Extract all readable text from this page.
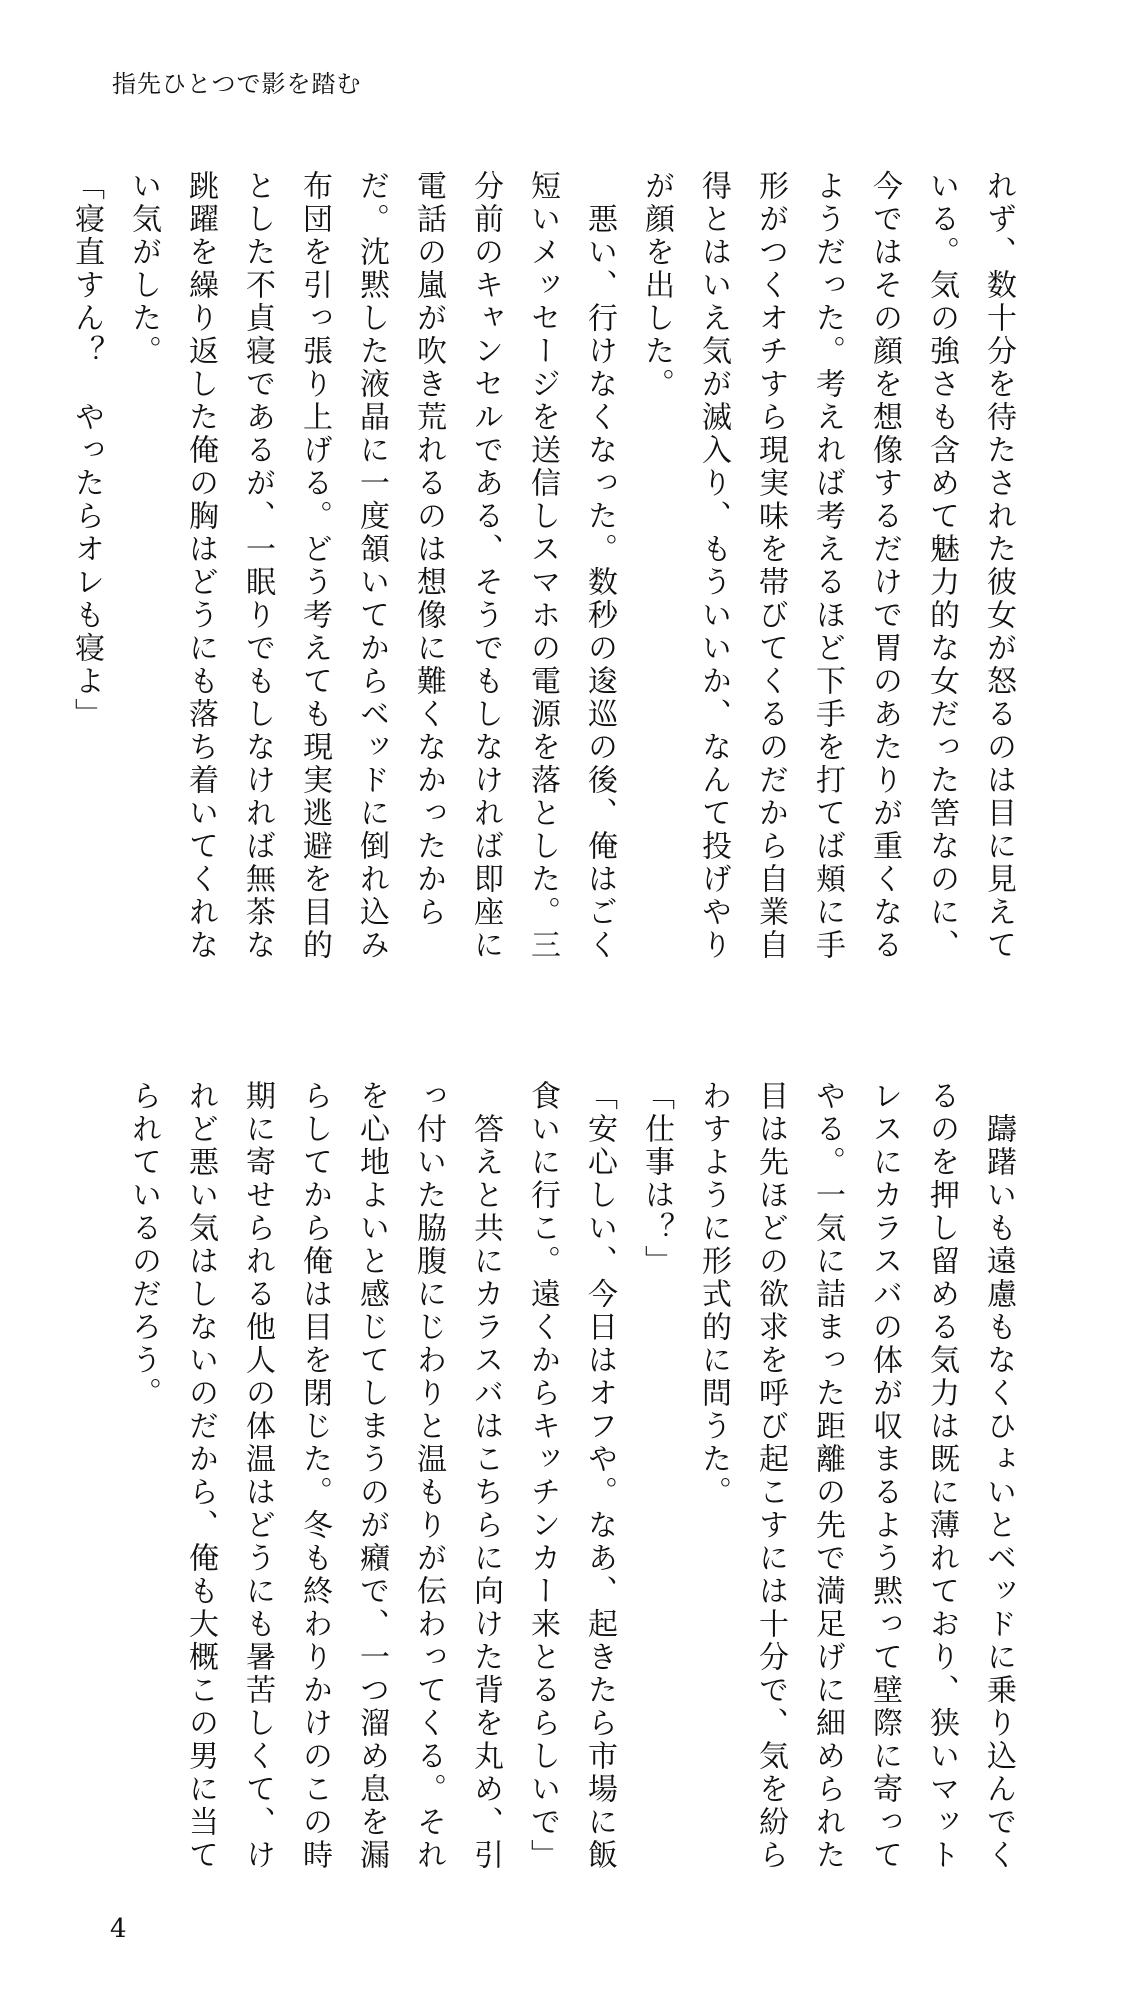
指先ひとつで影を踏む

れず、数十分を待たされた彼女が怒るのは目に見えている。気の強さも含めて魅力的な女だった筈なのに、今ではその顔を想像するだけで胃のあたりが重くなるようだった。考えれば考えるほど下手を打てば頬に手形がつくオチすら現実味を帯びてくるのだから自業自得とはいえ気が滅入り、もういいか、なんて投げやりが顔を出した。

　悪い、行けなくなった。数秒の逡巡の後、俺はごく短いメッセージを送信しスマホの電源を落とした。三分前のキャンセルである、そうでもしなければ即座に電話の嵐が吹き荒れるのは想像に難くなかったからだ。沈黙した液晶に一度頷いてからベッドに倒れ込み布団を引っ張り上げる。どう考えても現実逃避を目的とした不貞寝であるが、一眠りでもしなければ無茶な跳躍を繰り返した俺の胸はどうにも落ち着いてくれない気がした。

「寝直すん？　やったらオレも寝よ」

　躊躇いも遠慮もなくひょいとベッドに乗り込んでくるのを押し留める気力は既に薄れており、狭いマットレスにカラスバの体が収まるよう黙って壁際に寄ってやる。一気に詰まった距離の先で満足げに細められた目は先ほどの欲求を呼び起こすには十分で、気を紛らわすように形式的に問うた。

「仕事は？」

「安心しい、今日はオフや。なあ、起きたら市場に飯食いに行こ。遠くからキッチンカー来とるらしいで」

　答えと共にカラスバはこちらに向けた背を丸め、引っ付いた脇腹にじわりと温もりが伝わってくる。それを心地よいと感じてしまうのが癪で、一つ溜め息を漏らしてから俺は目を閉じた。冬も終わりかけのこの時期に寄せられる他人の体温はどうにも暑苦しくて、けれど悪い気はしないのだから、俺も大概この男に当てられているのだろう。

4
